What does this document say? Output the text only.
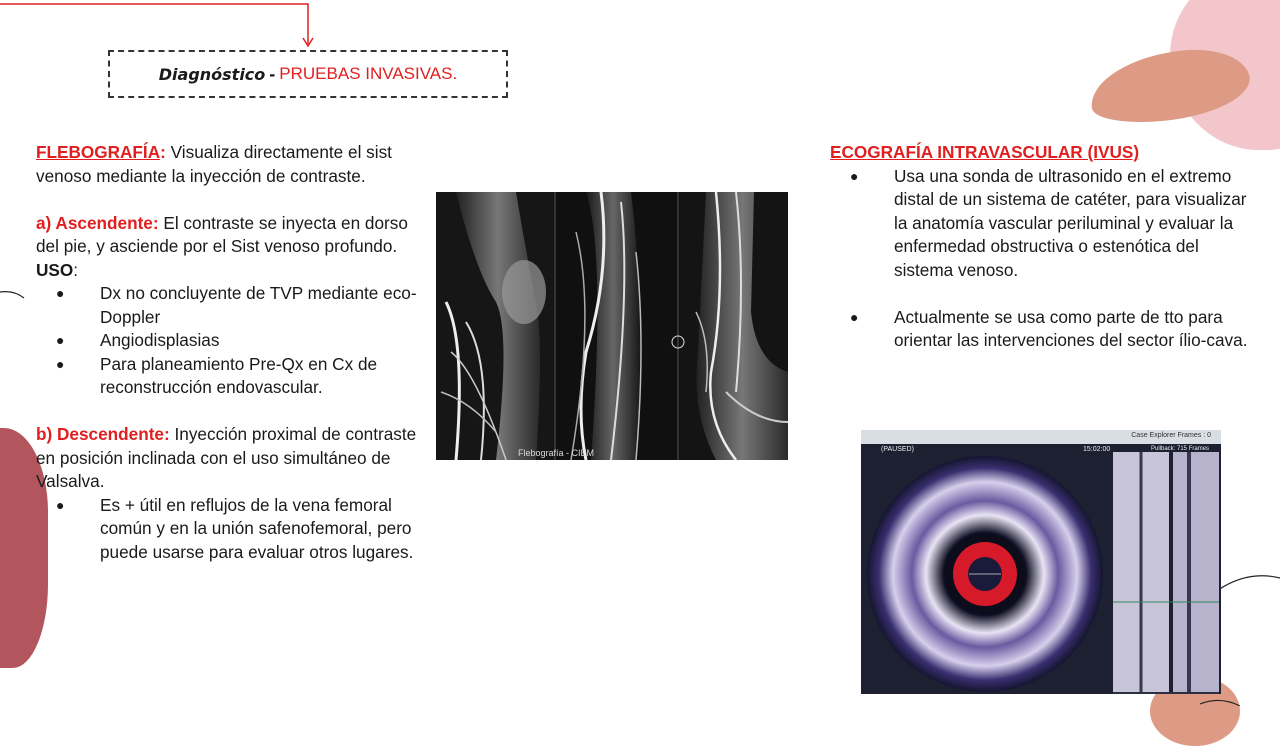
Diagnóstico - PRUEBAS INVASIVAS .

FLEBOGRAFÍA: Visualiza directamente el sist venoso mediante la inyección de contraste.

a) Ascendente: El contraste se inyecta en dorso del pie, y asciende por el Sist venoso profundo. USO:

● Dx no concluyente de TVP mediante eco-Doppler
● Angiodisplasias
● Para planeamiento Pre-Qx en Cx de reconstrucción endovascular.

b) Descendente: Inyección proximal de contraste en posición inclinada con el uso simultáneo de Valsalva.

● Es + útil en reflujos de la vena femoral común y en la unión safenofemoral, pero puede usarse para evaluar otros lugares.
Flebografía - CIEM

ECOGRAFÍA INTRAVASCULAR (IVUS)

● Usa una sonda de ultrasonido en el extremo distal de un sistema de catéter, para visualizar la anatomía vascular periluminal y evaluar la enfermedad obstructiva o estenótica del sistema venoso.
● Actualmente se usa como parte de tto para orientar las intervenciones del sector ílio-cava.
Case Explorer Frames : 0
(PAUSED)	15:02:00	Pullback: 715 Frames
